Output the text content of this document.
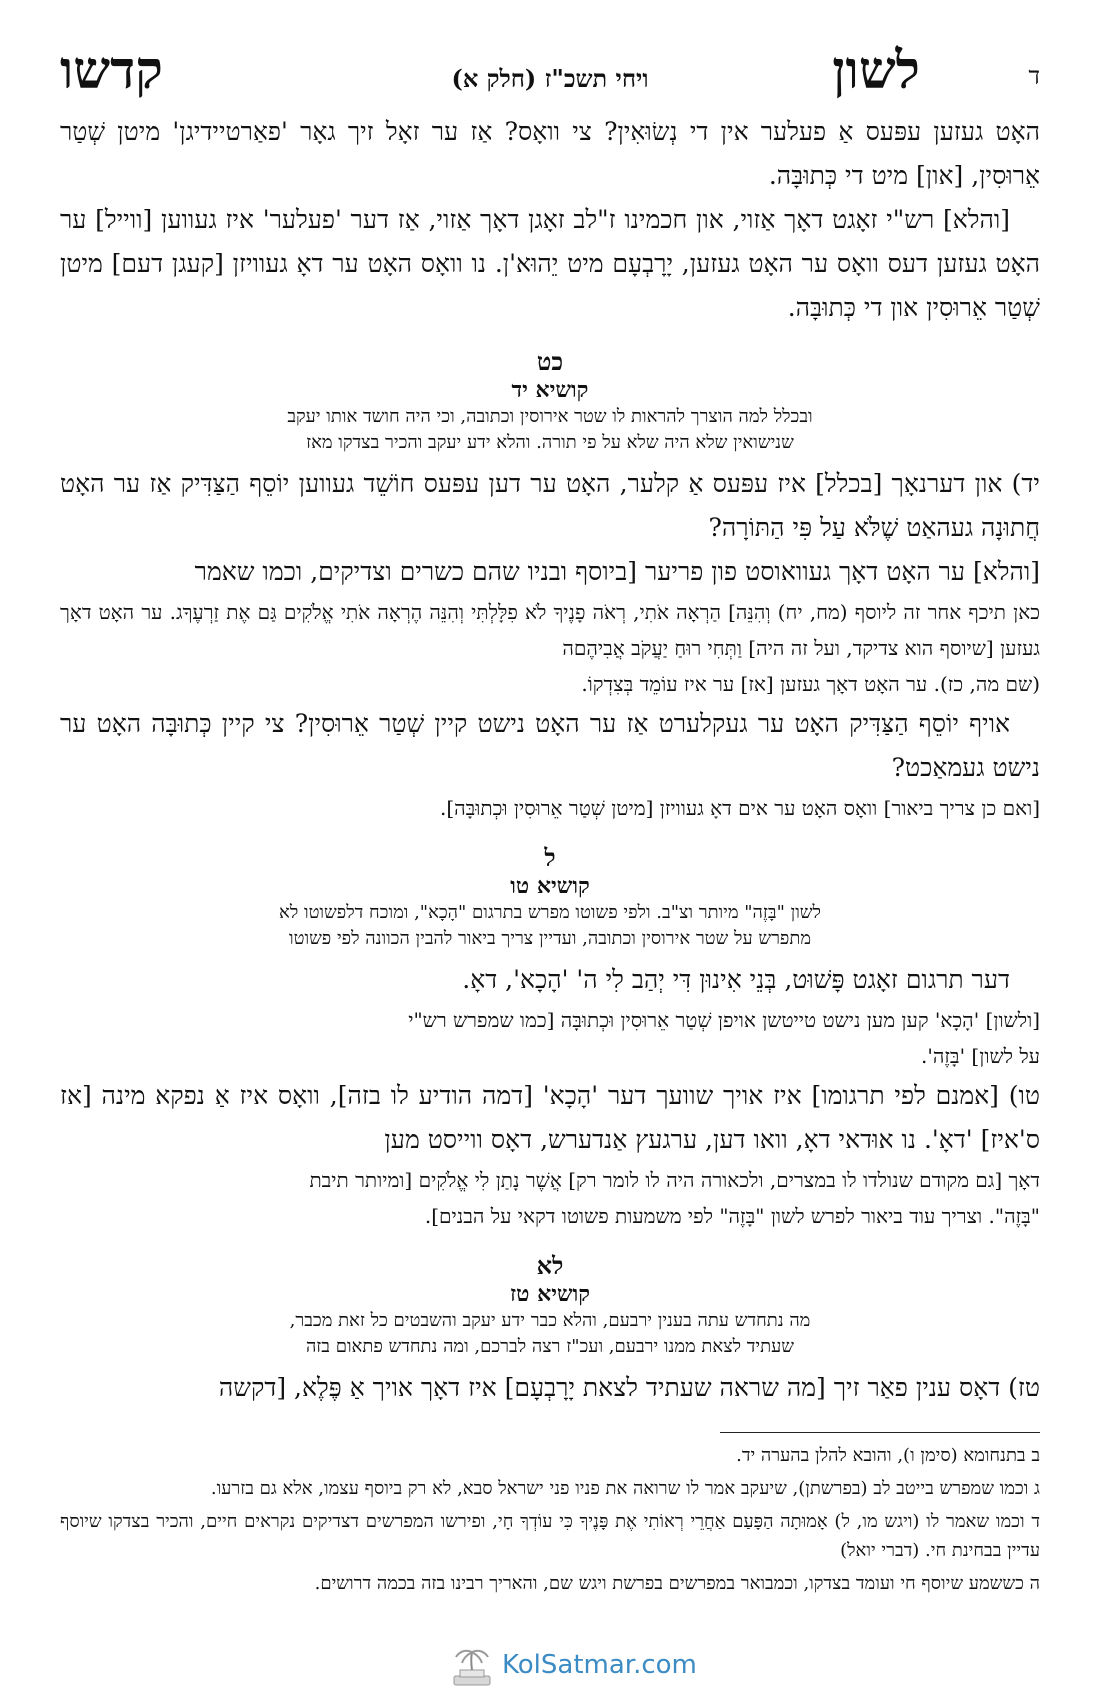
ד
לשון
ויחי תשכ"ז (חלק א)
קדשו

האָט געזען עפּעס אַ פעלער אין די נְשׂוּאִין? צי וואָס? אַז ער זאָל זיך גאָר 'פאַרטיידיגן' מיטן שְׁטַר אֵרוּסִין, [און] מיט די כְּתוּבָּה.

[והלא] רש"י זאָגט דאָך אַזוי, און חכמינו ז"לב זאָגן דאָך אַזוי, אַז דער 'פעלער' איז געווען [ווייל] ער האָט געזען דעס וואָס ער האָט געזען, יָרָבְעָם מיט יֵהוּא'ן. נו וואָס האָט ער דאָ געוויזן [קעגן דעם] מיטן שְׁטַר אֵרוּסִין און די כְּתוּבָּה.

כט
קושיא יד
ובכלל למה הוצרך להראות לו שטר אירוסין וכתובה, וכי היה חושד אותו יעקב
שנישואין שלא היה שלא על פי תורה. והלא ידע יעקב והכיר בצדקו מאז

יד) און דערנאָך [בכלל] איז עפּעס אַ קלער, האָט ער דען עפּעס חוֹשֵׁד געווען יוֹסֵף הַצַּדִּיק אַז ער האָט חֲתוּנָה געהאַט שֶׁלֹּא עַל פִּי הַתּוֹרָה?

[והלא] ער האָט דאָך געוואוסט פון פריער [ביוסף ובניו שהם כשרים וצדיקים, וכמו שאמר

כאן תיכף אחר זה ליוסף (מח, יח) וְהִנֵּה] הַרְאָה אֹתִי, רְאֹה פָנֶיךָ לֹא פִלָּלְתִּי וְהִנֵּה הֶרְאָה אֹתִי אֱלֹקִים גַּם אֶת זַרְעֶךָג. ער האָט דאָך געזען [שיוסף הוא צדיקד, ועל זה היה] וַתְּחִי רוּחַ יַעֲקֹב אֲבִיהֶםה

(שם מה, כז). ער האָט דאָך געזען [אז] ער איז עוֹמֵד בְּצִדְקוֹ.

אויף יוֹסֵף הַצַּדִּיק האָט ער געקלערט אַז ער האָט נישט קיין שְׁטַר אֵרוּסִין? צי קיין כְּתוּבָּה האָט ער נישט געמאַכט?

[ואם כן צריך ביאור] וואָס האָט ער אים דאָ געוויזן [מיטן שְׁטַר אֵרוּסִין וּכְתוּבָּה].

ל
קושיא טו
לשון "בָּזֶה" מיותר וצ"ב. ולפי פשוטו מפרש בתרגום "הָכָא", ומוכח דלפשוטו לא
מתפרש על שטר אירוסין וכתובה, ועדיין צריך ביאור להבין הכוונה לפי פשוטו

דער תרגום זאָגט פָּשׁוּט, בְּנֵי אִינוּן דִּי יְהַב לִי ה' 'הָכָא', דאָ.

[ולשון] 'הָכָא' קען מען נישט טייטשן אויפן שְׁטַר אֵרוּסִין וּכְתוּבָּה [כמו שמפרש רש"י

על לשון] 'בָּזֶה'.

טו) [אמנם לפי תרגומו] איז אויך שוועך דער 'הָכָא' [דמה הודיע לו בזה], וואָס איז אַ נפקא מינה [אז ס'איז] 'דאָ'. נו אוּדאי דאָ, וואו דען, ערגעץ אַנדערש, דאָס ווייסט מען

דאָך [גם מקודם שנולדו לו במצרים, ולכאורה היה לו לומר רק] אֲשֶׁר נָתַן לִי אֱלֹקִים [ומיותר תיבת

"בָּזֶה". וצריך עוד ביאור לפרש לשון "בָּזֶה" לפי משמעות פשוטו דקאי על הבנים].

לא
קושיא טז
מה נתחדש עתה בענין ירבעם, והלא כבר ידע יעקב והשבטים כל זאת מכבר,
שעתיד לצאת ממנו ירבעם, ועכ"ז רצה לברכם, ומה נתחדש פתאום בזה

טז) דאָס ענין פאַר זיך [מה שראה שעתיד לצאת יָרָבְעָם] איז דאָך אויך אַ פֶּלֶא, [דקשה

ב בתנחומא (סימן ו), והובא להלן בהערה יד.

ג וכמו שמפרש בייטב לב (בפרשתן), שיעקב אמר לו שרואה את פניו פני ישראל סבא, לא רק ביוסף עצמו, אלא גם בזרעו.

ד וכמו שאמר לו (ויגש מו, ל) אָמוּתָה הַפָּעַם אַחֲרֵי רְאוֹתִי אֶת פָּנֶיךָ כִּי עוֹדְךָ חָי, ופירשו המפרשים דצדיקים נקראים חיים, והכיר בצדקו שיוסף עדיין בבחינת חי. (דברי יואל)

ה כששמע שיוסף חי ועומד בצדקו, וכמבואר במפרשים בפרשת ויגש שם, והאריך רבינו בזה בכמה דרושים.

KolSatmar.com
